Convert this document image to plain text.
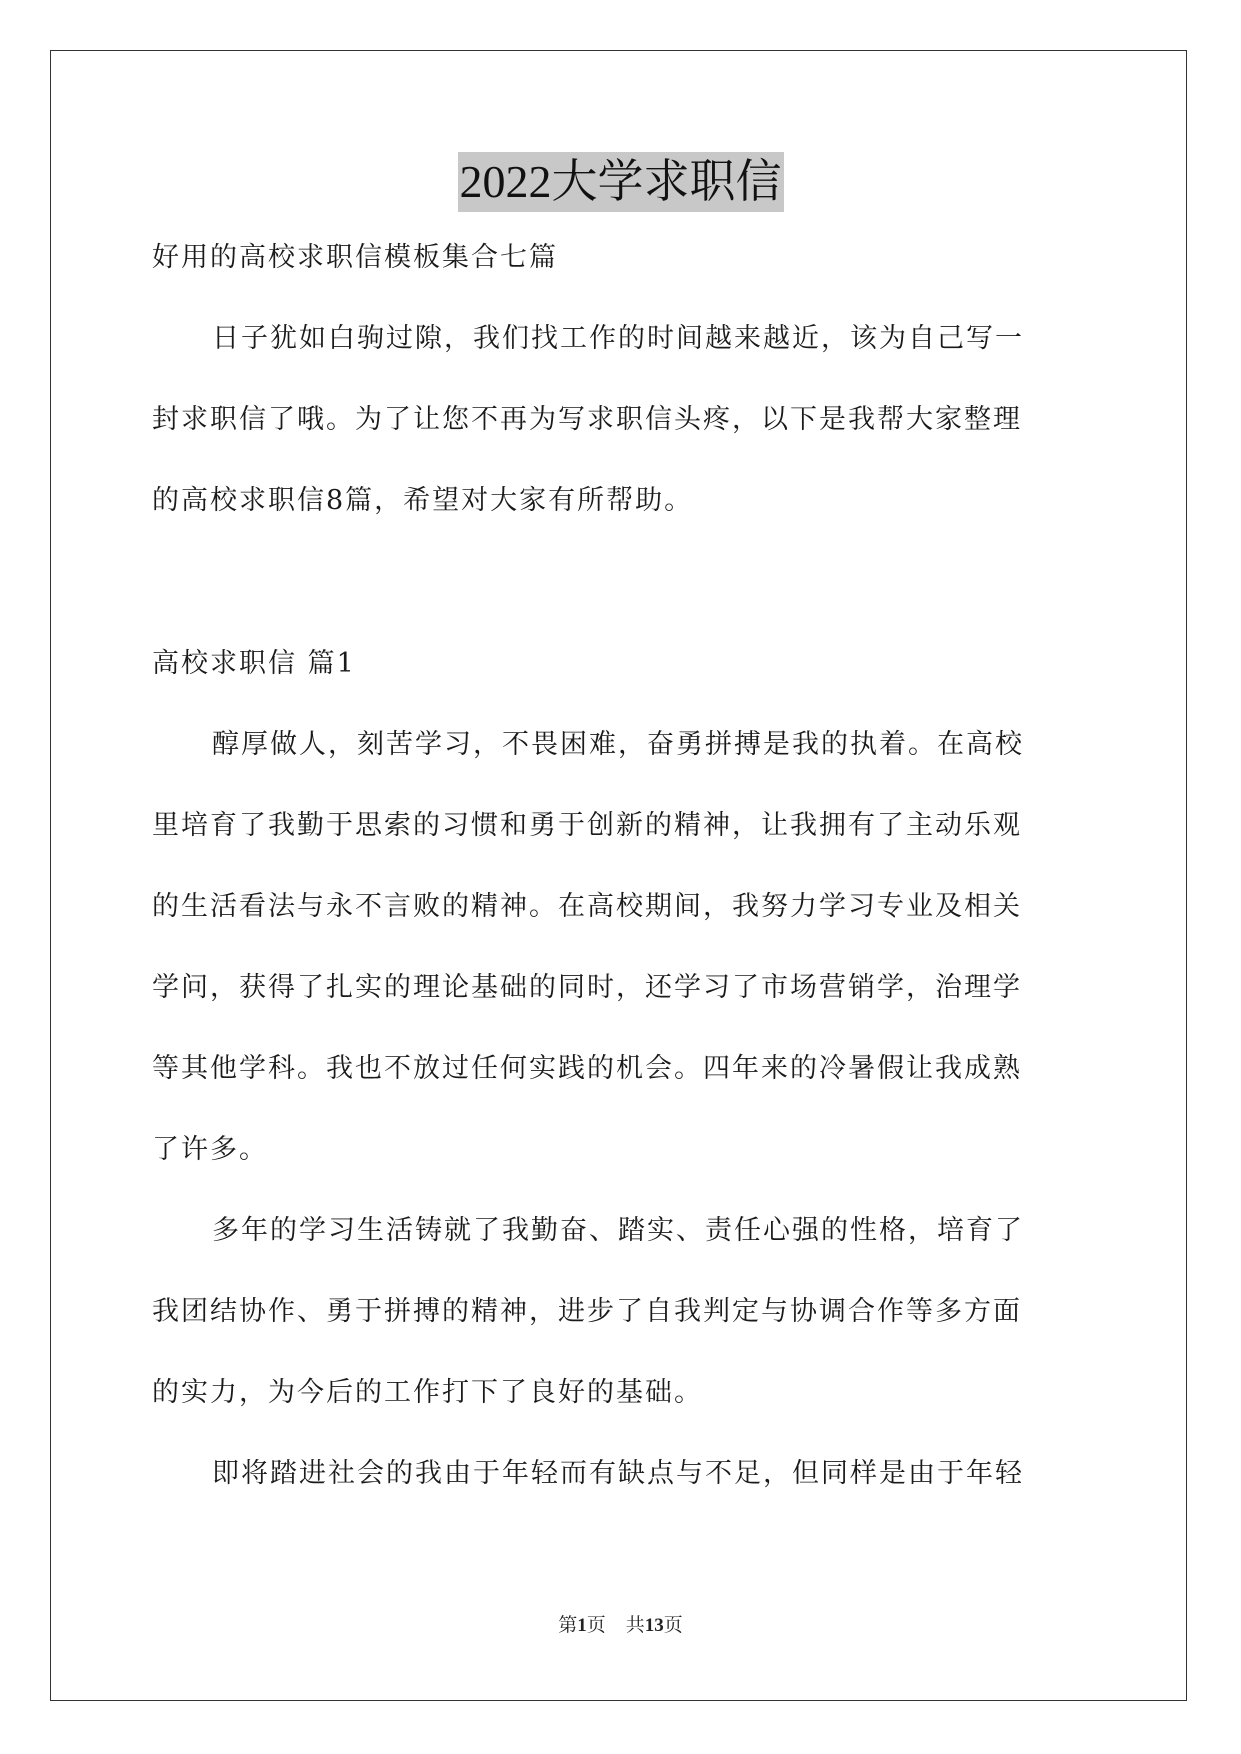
2022大学求职信
好用的高校求职信模板集合七篇
日子犹如白驹过隙，我们找工作的时间越来越近，该为自己写一
封求职信了哦。为了让您不再为写求职信头疼，以下是我帮大家整理
的高校求职信8篇，希望对大家有所帮助。
高校求职信 篇1
醇厚做人，刻苦学习，不畏困难，奋勇拼搏是我的执着。在高校
里培育了我勤于思索的习惯和勇于创新的精神，让我拥有了主动乐观
的生活看法与永不言败的精神。在高校期间，我努力学习专业及相关
学问，获得了扎实的理论基础的同时，还学习了市场营销学，治理学
等其他学科。我也不放过任何实践的机会。四年来的冷暑假让我成熟
了许多。
多年的学习生活铸就了我勤奋、踏实、责任心强的性格，培育了
我团结协作、勇于拼搏的精神，进步了自我判定与协调合作等多方面
的实力，为今后的工作打下了良好的基础。
即将踏进社会的我由于年轻而有缺点与不足，但同样是由于年轻
第1页 共13页
